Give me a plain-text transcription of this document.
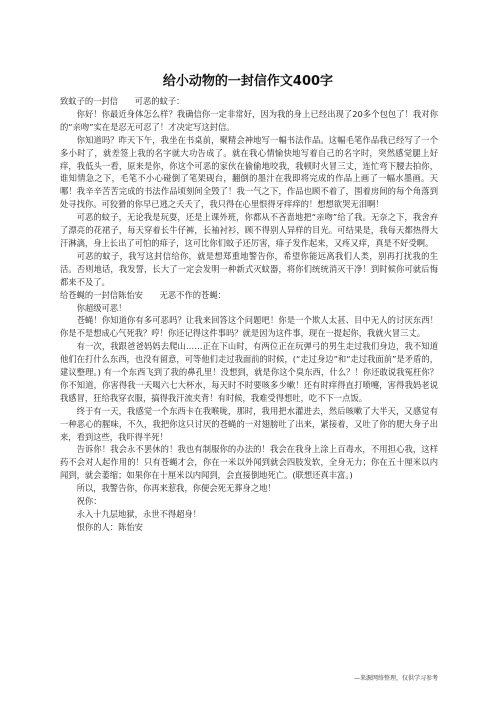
给小动物的一封信作文400字

致蚊子的一封信　　可恶的蚊子：

你好！你最近身体怎么样？我确信你一定非常好，因为我的身上已经出现了20多个包包了！我对你的“亲吻”实在是忍无可忍了！才决定写这封信。

你知道吗？昨天下午，我坐在书桌前，聚精会神地写一幅书法作品。这幅毛笔作品我已经写了一个多小时了，就差签上我的名字就大功告成了。就在我心情愉快地写着自己的名字时，突然感觉腿上好痒，我低头一看，原来是你，你这个可恶的家伙在偷偷地咬我，我顿时火冒三丈，连忙弯下腰去拍你，谁知情急之下，毛笔不小心碰倒了笔架砚台，翻倒的墨汁在我即将完成的作品上画了一幅水墨画。天哪！我辛辛苦苦完成的书法作品顷刻间全毁了！我一气之下，作品也顾不着了，围着房间的每个角落到处寻找你。可狡猾的你早已逃之夭夭了，我只得在心里恨得牙痒痒的！想想欲哭无泪啊！

可恶的蚊子，无论我是玩耍，还是上课外班，你都从不吝啬地把“亲吻”给了我。无奈之下，我舍弃了漂亮的花裙子，每天穿着长牛仔裤，长袖衬衫，顾不得别人异样的目光。可结果是，我每天都热得大汗淋漓，身上长出了可怕的痱子，这可比你们蚊子还厉害，痱子发作起来，又疼又痒，真是不好受啊。

可恶的蚊子，我写这封信给你，就是想郑重地警告你，希望你能远离我们人类，别再打扰我的生活。否则地话，我发誓，长大了一定会发明一种新式灭蚊器，将你们统统消灭干净！到时候你可就后悔都来不及了。

给苍蝇的一封信陈怡安　　无恶不作的苍蝇：

你超级可恶！

苍蝇！你知道你有多可恶吗？让我来回答这个问题吧！你是一个欺人太甚、目中无人的讨厌东西！你是不是想成心气死我？哼！你还记得这件事吗？就是因为这件事，现在一提起你，我就火冒三丈。

有一次，我跟爸爸妈妈去爬山……正在下山时，有两位正在玩弹弓的男生走过我们身边，我不知道他们在打什么东西，也没有留意，可等他们走过我面前的时候，(“走过身边”和“走过我面前”是矛盾的，建议整理。) 有一个东西飞到了我的鼻孔里！没想到，就是你这个臭东西，什么？！你还敢说我冤枉你？你不知道，你害得我一天喝六七大杯水，每天时不时要咳多少嗽！还有时痒得直打喷嚏，害得我妈老说我感冒，狂给我穿衣服，搞得我汗流夹背！有时候，我难受得想吐，吃不下一点饭。

终于有一天，我感觉一个东西卡在我喉咙，那时，我用把水灌进去，然后咳嗽了大半天，又感觉有一种恶心的腥味，不久，我把你这只讨厌的苍蝇的一对翅膀吐了出来，紧接着，又吐了你的肥大身子出来，看到这些，我吓得半死！

告诉你！我会永不罢休的！我也有制服你的办法的！我会在我身上涂上百毒水，不用担心我，这样药不会对人起作用的！只有苍蝇才会，你在一米以外闻到就会四肢发软，全身无力；你在五十厘米以内闻到，就会萎缩；如果你在十厘米以内闻到，会直接倒地死亡。(联想还真丰富。)

所以，我警告你，你再来惹我，你便会死无葬身之地！

祝你：

永入十九层地狱，永世不得超身！

恨你的人：陈怡安

—来源网络整理，仅供学习参考
